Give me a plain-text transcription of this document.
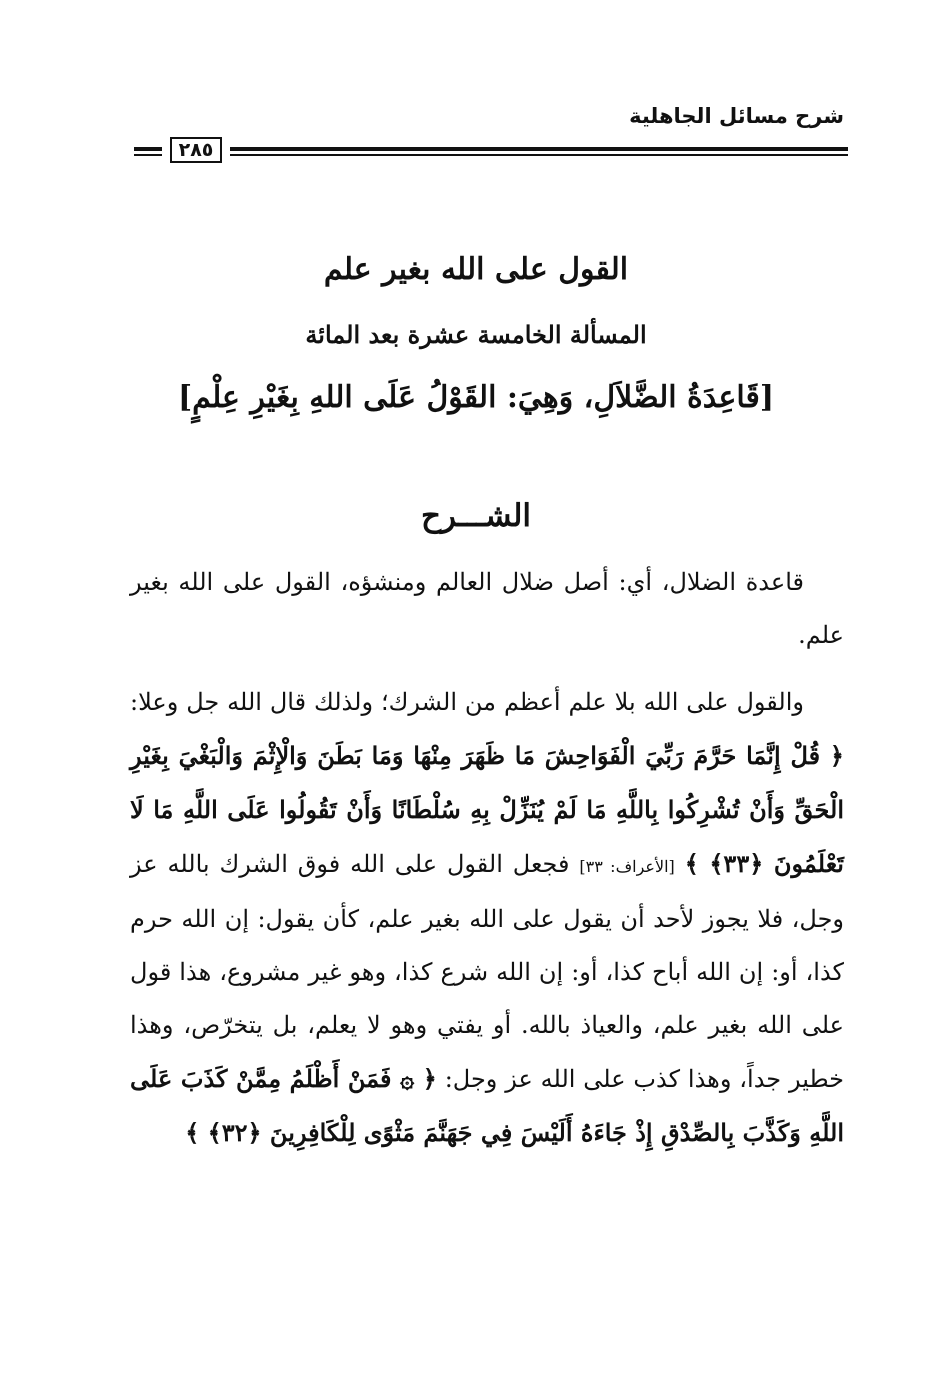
شرح مسائل الجاهلية
٢٨٥
القول على الله بغير علم
المسألة الخامسة عشرة بعد المائة
[قَاعِدَةُ الضَّلاَلِ، وَهِيَ: القَوْلُ عَلَى اللهِ بِغَيْرِ عِلْمٍ]
الشـــرح

قاعدة الضلال، أي: أصل ضلال العالم ومنشؤه، القول على الله بغير علم.

والقول على الله بلا علم أعظم من الشرك؛ ولذلك قال الله جل وعلا: ﴿ قُلْ إِنَّمَا حَرَّمَ رَبِّيَ الْفَوَاحِشَ مَا ظَهَرَ مِنْهَا وَمَا بَطَنَ وَالْإِثْمَ وَالْبَغْيَ بِغَيْرِ الْحَقِّ وَأَنْ تُشْرِكُوا بِاللَّهِ مَا لَمْ يُنَزِّلْ بِهِ سُلْطَانًا وَأَنْ تَقُولُوا عَلَى اللَّهِ مَا لَا تَعْلَمُونَ ﴿٣٣﴾ ﴾ [الأعراف: ٣٣] فجعل القول على الله فوق الشرك بالله عز وجل، فلا يجوز لأحد أن يقول على الله بغير علم، كأن يقول: إن الله حرم كذا، أو: إن الله أباح كذا، أو: إن الله شرع كذا، وهو غير مشروع، هذا قول على الله بغير علم، والعياذ بالله. أو يفتي وهو لا يعلم، بل يتخرّص، وهذا خطير جداً، وهذا كذب على الله عز وجل: ﴿ ۞ فَمَنْ أَظْلَمُ مِمَّنْ كَذَبَ عَلَى اللَّهِ وَكَذَّبَ بِالصِّدْقِ إِذْ جَاءَهُ أَلَيْسَ فِي جَهَنَّمَ مَثْوًى لِلْكَافِرِينَ ﴿٣٢﴾ ﴾
